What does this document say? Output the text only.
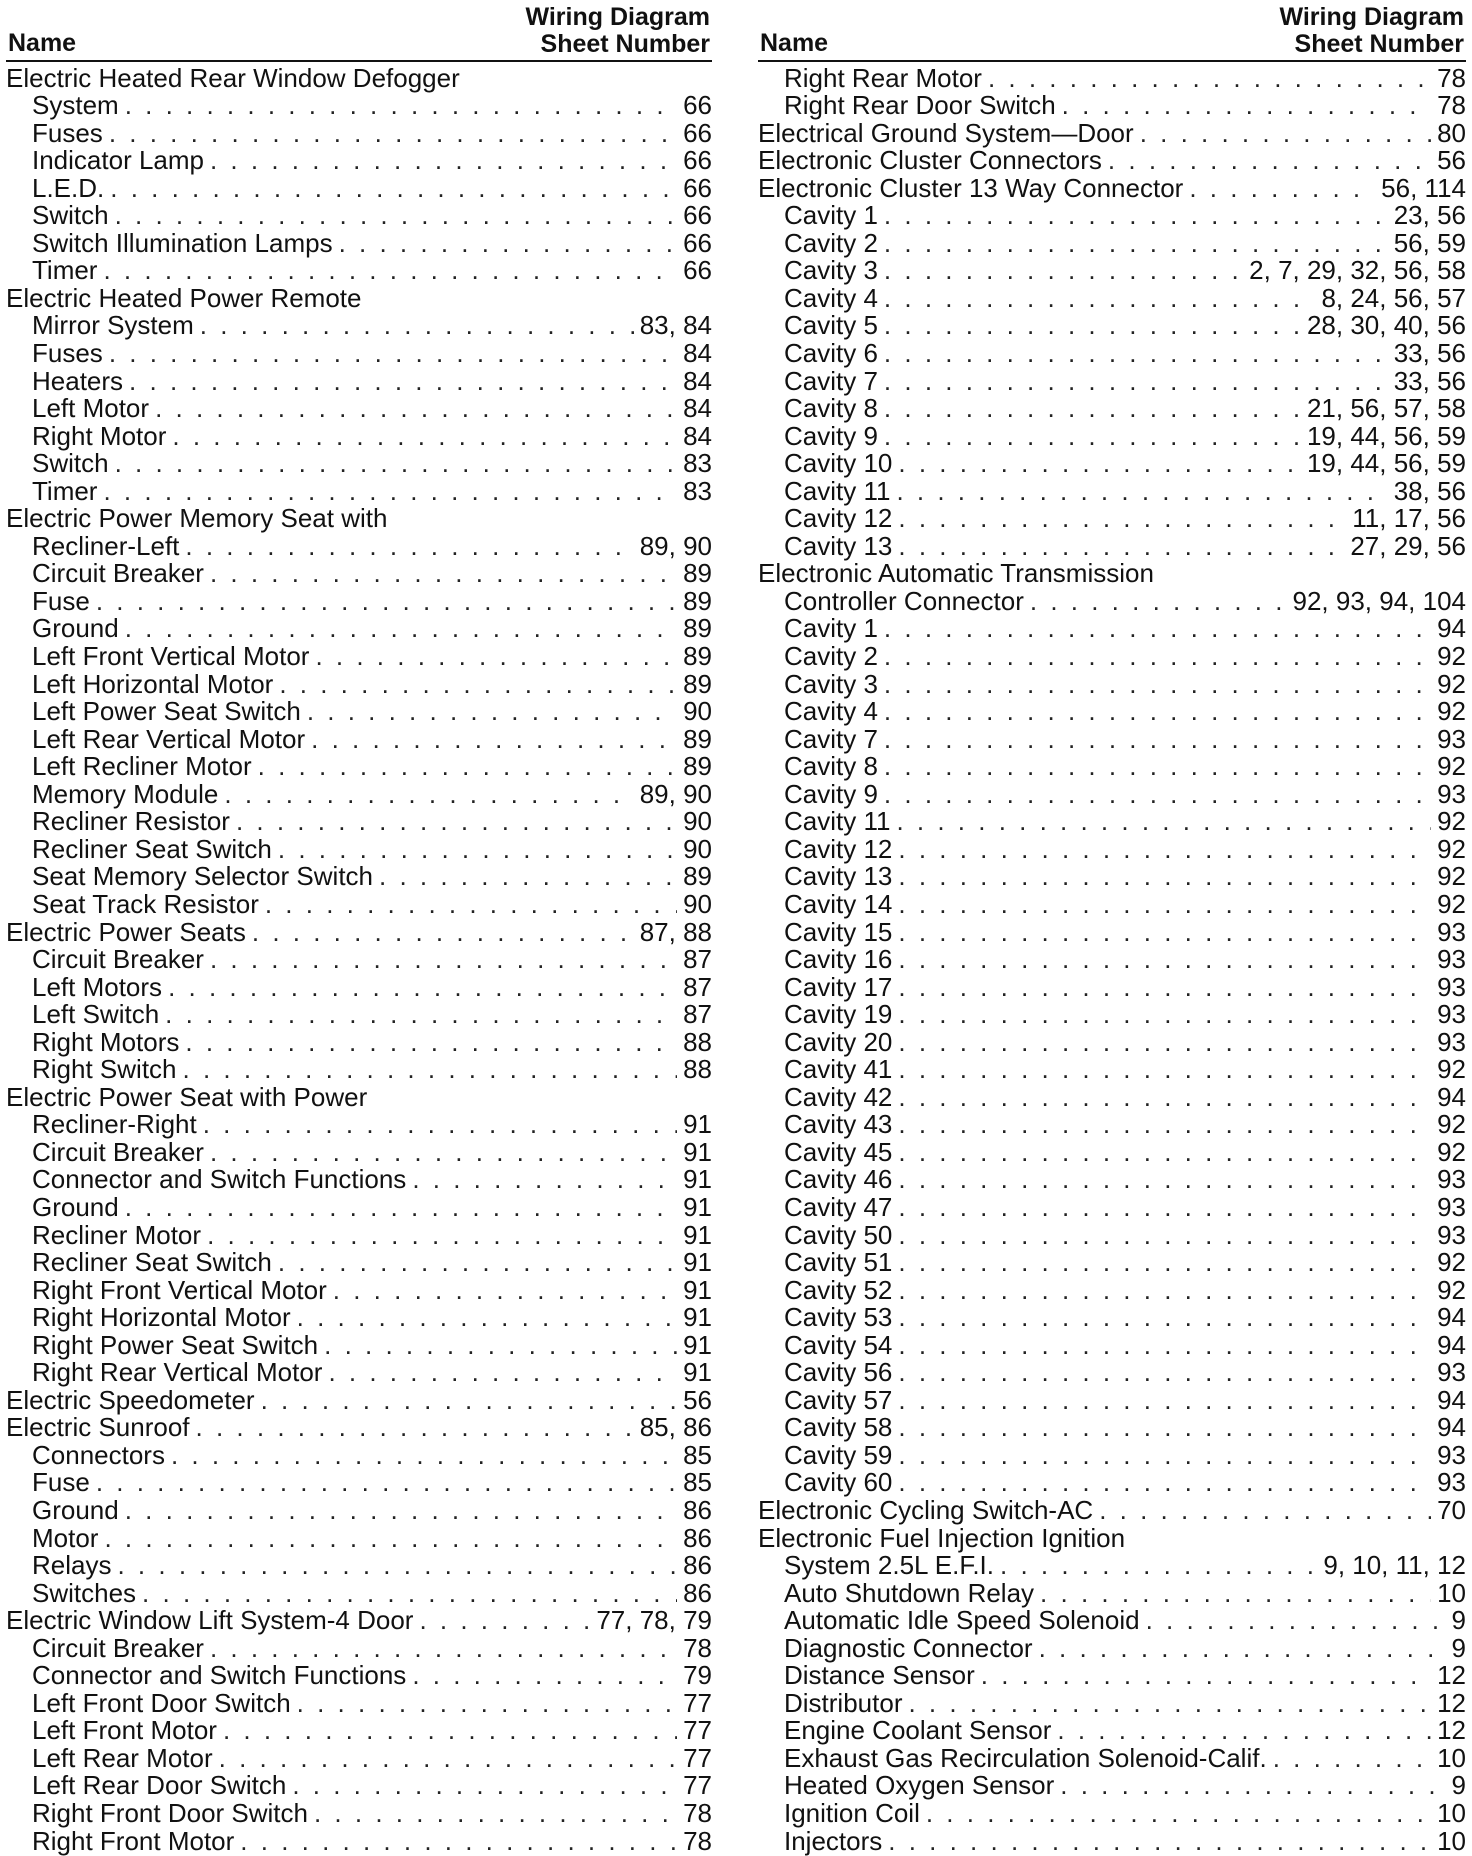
Name
Wiring Diagram
Sheet Number
Electric Heated Rear Window Defogger
System . . .	66
Fuses . . .	66
Indicator Lamp . . .	66
L.E.D. . . .	66
Switch . . .	66
Switch Illumination Lamps . . .	66
Timer . . .	66
Electric Heated Power Remote
Mirror System . . .	83, 84
Fuses . . .	84
Heaters . . .	84
Left Motor . . .	84
Right Motor . . .	84
Switch . . .	83
Timer . . .	83
Electric Power Memory Seat with
Recliner-Left . . .	89, 90
Circuit Breaker . . .	89
Fuse . . .	89
Ground . . .	89
Left Front Vertical Motor . . .	89
Left Horizontal Motor . . .	89
Left Power Seat Switch . . .	90
Left Rear Vertical Motor . . .	89
Left Recliner Motor . . .	89
Memory Module . . .	89, 90
Recliner Resistor . . .	90
Recliner Seat Switch . . .	90
Seat Memory Selector Switch . . .	89
Seat Track Resistor . . .	90
Electric Power Seats . . .	87, 88
Circuit Breaker . . .	87
Left Motors . . .	87
Left Switch . . .	87
Right Motors . . .	88
Right Switch . . .	88
Electric Power Seat with Power
Recliner-Right . . .	91
Circuit Breaker . . .	91
Connector and Switch Functions . . .	91
Ground . . .	91
Recliner Motor . . .	91
Recliner Seat Switch . . .	91
Right Front Vertical Motor . . .	91
Right Horizontal Motor . . .	91
Right Power Seat Switch . . .	91
Right Rear Vertical Motor . . .	91
Electric Speedometer . . .	56
Electric Sunroof . . .	85, 86
Connectors . . .	85
Fuse . . .	85
Ground . . .	86
Motor . . .	86
Relays . . .	86
Switches . . .	86
Electric Window Lift System-4 Door . . .	77, 78, 79
Circuit Breaker . . .	78
Connector and Switch Functions . . .	79
Left Front Door Switch . . .	77
Left Front Motor . . .	77
Left Rear Motor . . .	77
Left Rear Door Switch . . .	77
Right Front Door Switch . . .	78
Right Front Motor . . .	78
Name
Wiring Diagram
Sheet Number
Right Rear Motor . . .	78
Right Rear Door Switch . . .	78
Electrical Ground System—Door . . .	80
Electronic Cluster Connectors . . .	56
Electronic Cluster 13 Way Connector . . .	56, 114
Cavity 1 . . .	23, 56
Cavity 2 . . .	56, 59
Cavity 3 . . .	2, 7, 29, 32, 56, 58
Cavity 4 . . .	8, 24, 56, 57
Cavity 5 . . .	28, 30, 40, 56
Cavity 6 . . .	33, 56
Cavity 7 . . .	33, 56
Cavity 8 . . .	21, 56, 57, 58
Cavity 9 . . .	19, 44, 56, 59
Cavity 10 . . .	19, 44, 56, 59
Cavity 11 . . .	38, 56
Cavity 12 . . .	11, 17, 56
Cavity 13 . . .	27, 29, 56
Electronic Automatic Transmission
Controller Connector . . .	92, 93, 94, 104
Cavity 1 . . .	94
Cavity 2 . . .	92
Cavity 3 . . .	92
Cavity 4 . . .	92
Cavity 7 . . .	93
Cavity 8 . . .	92
Cavity 9 . . .	93
Cavity 11 . . .	92
Cavity 12 . . .	92
Cavity 13 . . .	92
Cavity 14 . . .	92
Cavity 15 . . .	93
Cavity 16 . . .	93
Cavity 17 . . .	93
Cavity 19 . . .	93
Cavity 20 . . .	93
Cavity 41 . . .	92
Cavity 42 . . .	94
Cavity 43 . . .	92
Cavity 45 . . .	92
Cavity 46 . . .	93
Cavity 47 . . .	93
Cavity 50 . . .	93
Cavity 51 . . .	92
Cavity 52 . . .	92
Cavity 53 . . .	94
Cavity 54 . . .	94
Cavity 56 . . .	93
Cavity 57 . . .	94
Cavity 58 . . .	94
Cavity 59 . . .	93
Cavity 60 . . .	93
Electronic Cycling Switch-AC . . .	70
Electronic Fuel Injection Ignition
System 2.5L E.F.I. . . .	9, 10, 11, 12
Auto Shutdown Relay . . .	10
Automatic Idle Speed Solenoid . . .	9
Diagnostic Connector . . .	9
Distance Sensor . . .	12
Distributor . . .	12
Engine Coolant Sensor . . .	12
Exhaust Gas Recirculation Solenoid-Calif. . . .	10
Heated Oxygen Sensor . . .	9
Ignition Coil . . .	10
Injectors . . .	10
